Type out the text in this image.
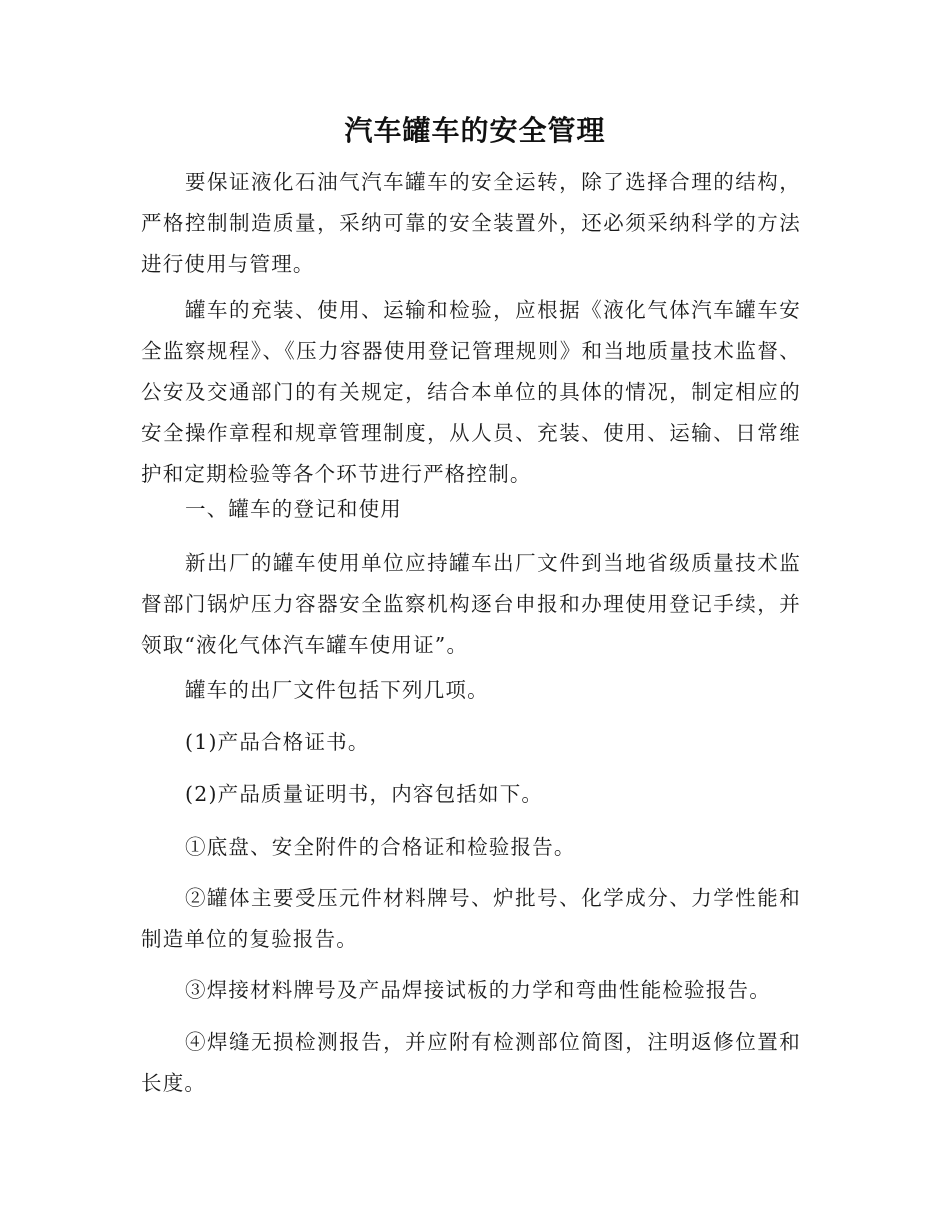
汽车罐车的安全管理

要保证液化石油气汽车罐车的安全运转，除了选择合理的结构，严格控制制造质量，采纳可靠的安全装置外，还必须采纳科学的方法进行使用与管理。

罐车的充装、使用、运输和检验，应根据《液化气体汽车罐车安全监察规程》、《压力容器使用登记管理规则》和当地质量技术监督、公安及交通部门的有关规定，结合本单位的具体的情况，制定相应的安全操作章程和规章管理制度，从人员、充装、使用、运输、日常维护和定期检验等各个环节进行严格控制。

一、罐车的登记和使用

新出厂的罐车使用单位应持罐车出厂文件到当地省级质量技术监督部门锅炉压力容器安全监察机构逐台申报和办理使用登记手续，并领取“液化气体汽车罐车使用证”。

罐车的出厂文件包括下列几项。

(1)产品合格证书。

(2)产品质量证明书，内容包括如下。

①底盘、安全附件的合格证和检验报告。

②罐体主要受压元件材料牌号、炉批号、化学成分、力学性能和制造单位的复验报告。

③焊接材料牌号及产品焊接试板的力学和弯曲性能检验报告。

④焊缝无损检测报告，并应附有检测部位简图，注明返修位置和长度。
